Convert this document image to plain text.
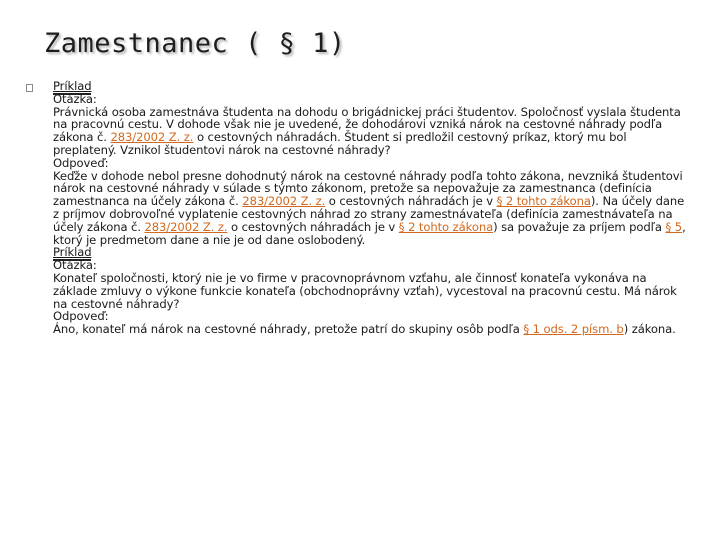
Zamestnanec ( § 1)

Príklad

Otázka:

Právnická osoba zamestnáva študenta na dohodu o brigádnickej práci študentov. Spoločnosť vyslala študenta na pracovnú cestu. V dohode však nie je uvedené, že dohodárovi vzniká nárok na cestovné náhrady podľa zákona č. 283/2002 Z. z. o cestovných náhradách. Študent si predložil cestovný príkaz, ktorý mu bol preplatený. Vznikol študentovi nárok na cestovné náhrady?

Odpoveď:

Keďže v dohode nebol presne dohodnutý nárok na cestovné náhrady podľa tohto zákona, nevzniká študentovi nárok na cestovné náhrady v súlade s týmto zákonom, pretože sa nepovažuje za zamestnanca (definícia zamestnanca na účely zákona č. 283/2002 Z. z. o cestovných náhradách je v § 2 tohto zákona). Na účely dane z príjmov dobrovoľné vyplatenie cestovných náhrad zo strany zamestnávateľa (definícia zamestnávateľa na účely zákona č. 283/2002 Z. z. o cestovných náhradách je v § 2 tohto zákona) sa považuje za príjem podľa § 5, ktorý je predmetom dane a nie je od dane oslobodený.

Príklad

Otázka:

Konateľ spoločnosti, ktorý nie je vo firme v pracovnoprávnom vzťahu, ale činnosť konateľa vykonáva na základe zmluvy o výkone funkcie konateľa (obchodnoprávny vzťah), vycestoval na pracovnú cestu. Má nárok na cestovné náhrady?

Odpoveď:

Áno, konateľ má nárok na cestovné náhrady, pretože patrí do skupiny osôb podľa § 1 ods. 2 písm. b) zákona.
